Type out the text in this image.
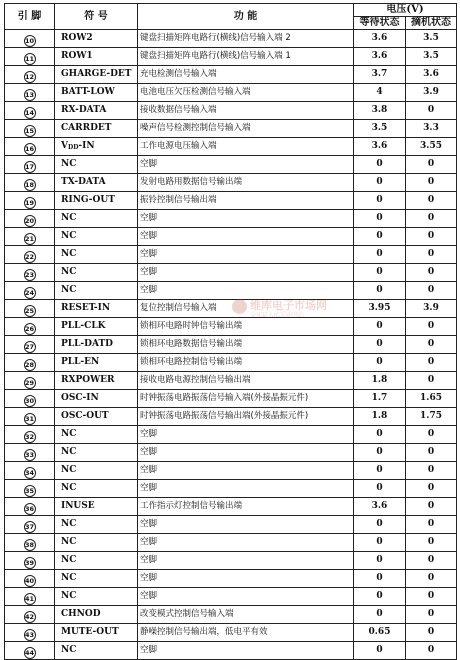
引 脚	符 号	功 能	电压(V)	
			等待状态	摘机状态
10	ROW2	键盘扫描矩阵电路行(横线)信号输入端 2	3.6	3.5
11	ROW1	键盘扫描矩阵电路行(横线)信号输入端 1	3.6	3.5
12	GHARGE-DET	充电检测信号输入端	3.7	3.6
13	BATT-LOW	电池电压欠压检测信号输入端	4	3.9
14	RX-DATA	接收数据信号输入端	3.8	0
15	CARRDET	噪声信号检测控制信号输入端	3.5	3.3
16	VDD-IN	工作电源电压输入端	3.6	3.55
17	NC	空脚	0	0
18	TX-DATA	发射电路用数据信号输出端	0	0
19	RING-OUT	振铃控制信号输出端	0	0
20	NC	空脚	0	0
21	NC	空脚	0	0
22	NC	空脚	0	0
23	NC	空脚	0	0
24	NC	空脚	0	0
25	RESET-IN	复位控制信号输入端	3.95	3.9
26	PLL-CLK	锁相环电路时钟信号输出端	0	0
27	PLL-DATD	锁相环电路数据信号输出端	0	0
28	PLL-EN	锁相环电路控制信号输出端	0	0
29	RXPOWER	接收电路电源控制信号输出端	1.8	0
30	OSC-IN	时钟振荡电路振荡信号输入端(外接晶振元件)	1.7	1.65
31	OSC-OUT	时钟振荡电路振荡信号输出端(外接晶振元件)	1.8	1.75
32	NC	空脚	0	0
33	NC	空脚	0	0
34	NC	空脚	0	0
35	NC	空脚	0	0
36	INUSE	工作指示灯控制信号输出端	3.6	0
37	NC	空脚	0	0
38	NC	空脚	0	0
39	NC	空脚	0	0
40	NC	空脚	0	0
41	NC	空脚	0	0
42	CHNOD	改变模式控制信号输入端	0	0
43	MUTE-OUT	静噪控制信号输出端，低电平有效	0.65	0
44	NC	空脚	0	0
维库电子市场网
全球最大IC采购网站
